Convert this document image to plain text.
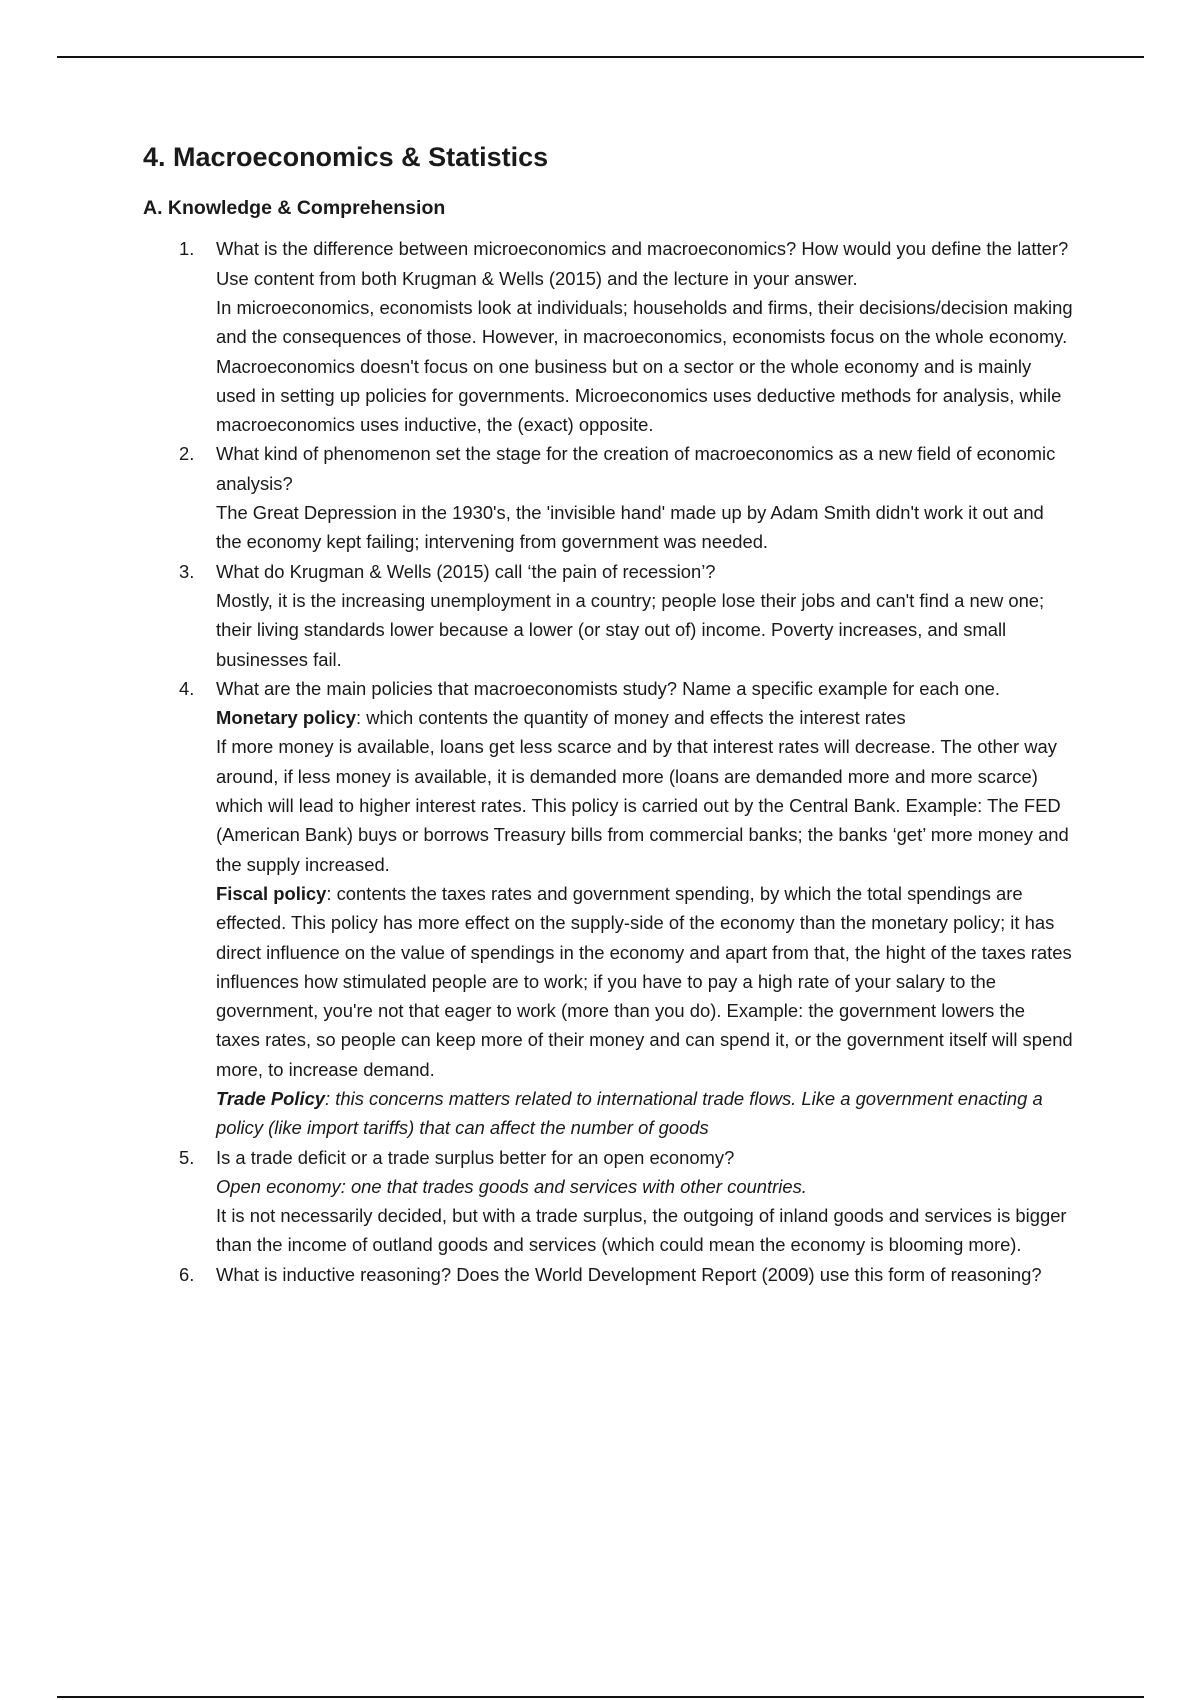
4. Macroeconomics & Statistics
A. Knowledge & Comprehension
1. What is the difference between microeconomics and macroeconomics? How would you define the latter? Use content from both Krugman & Wells (2015) and the lecture in your answer.
In microeconomics, economists look at individuals; households and firms, their decisions/decision making and the consequences of those. However, in macroeconomics, economists focus on the whole economy. Macroeconomics doesn't focus on one business but on a sector or the whole economy and is mainly used in setting up policies for governments. Microeconomics uses deductive methods for analysis, while macroeconomics uses inductive, the (exact) opposite.
2. What kind of phenomenon set the stage for the creation of macroeconomics as a new field of economic analysis?
The Great Depression in the 1930's, the 'invisible hand' made up by Adam Smith didn't work it out and the economy kept failing; intervening from government was needed.
3. What do Krugman & Wells (2015) call ‘the pain of recession’?
Mostly, it is the increasing unemployment in a country; people lose their jobs and can't find a new one; their living standards lower because a lower (or stay out of) income. Poverty increases, and small businesses fail.
4. What are the main policies that macroeconomists study? Name a specific example for each one.
Monetary policy: which contents the quantity of money and effects the interest rates
If more money is available, loans get less scarce and by that interest rates will decrease. The other way around, if less money is available, it is demanded more (loans are demanded more and more scarce) which will lead to higher interest rates. This policy is carried out by the Central Bank. Example: The FED (American Bank) buys or borrows Treasury bills from commercial banks; the banks ‘get’ more money and the supply increased.
Fiscal policy: contents the taxes rates and government spending, by which the total spendings are effected. This policy has more effect on the supply-side of the economy than the monetary policy; it has direct influence on the value of spendings in the economy and apart from that, the hight of the taxes rates influences how stimulated people are to work; if you have to pay a high rate of your salary to the government, you're not that eager to work (more than you do). Example: the government lowers the taxes rates, so people can keep more of their money and can spend it, or the government itself will spend more, to increase demand.
Trade Policy: this concerns matters related to international trade flows. Like a government enacting a policy (like import tariffs) that can affect the number of goods
5. Is a trade deficit or a trade surplus better for an open economy?
Open economy: one that trades goods and services with other countries.
It is not necessarily decided, but with a trade surplus, the outgoing of inland goods and services is bigger than the income of outland goods and services (which could mean the economy is blooming more).
6. What is inductive reasoning? Does the World Development Report (2009) use this form of reasoning?
